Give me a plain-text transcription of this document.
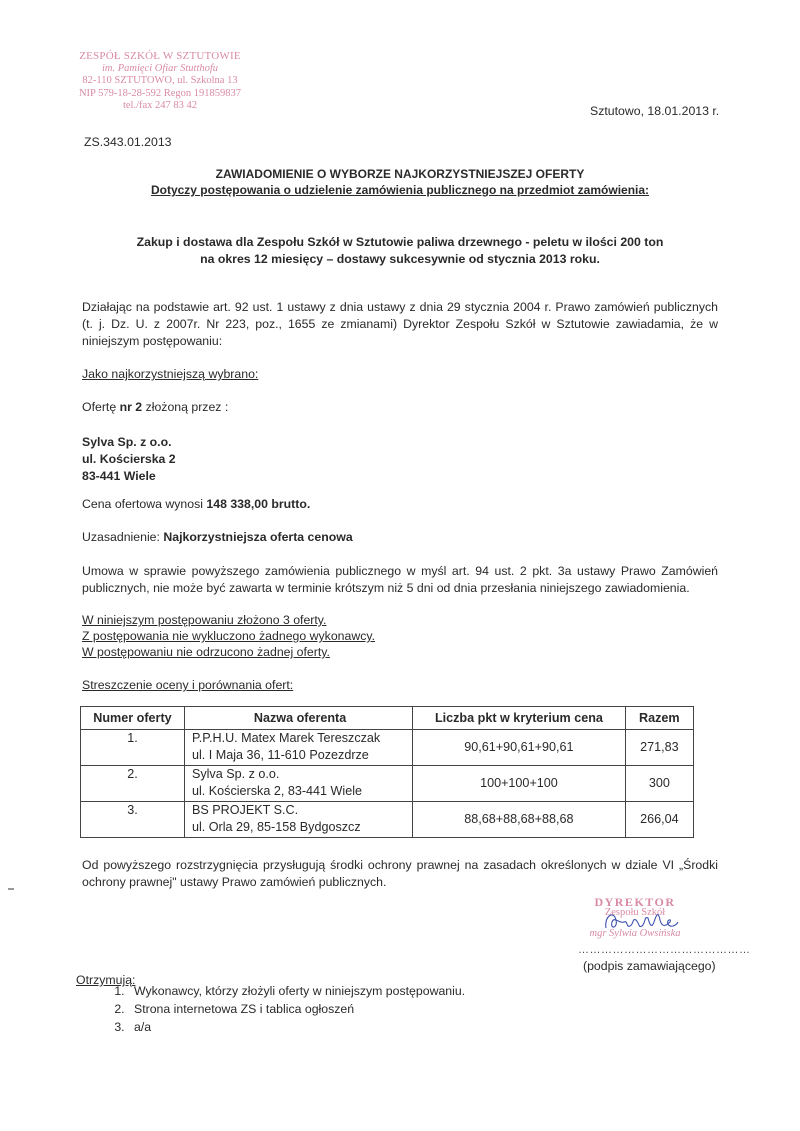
ZESPÓŁ SZKÓŁ W SZTUTOWIE
im. Pamięci Ofiar Stutthofu
82-110 SZTUTOWO, ul. Szkolna 13
NIP 579-18-28-592 Regon 191859837
tel./fax 247 83 42	Sztutowo, 18.01.2013 r.
ZS.343.01.2013
ZAWIADOMIENIE O WYBORZE NAJKORZYSTNIEJSZEJ OFERTY
Dotyczy postępowania o udzielenie zamówienia publicznego na przedmiot zamówienia:
Zakup i dostawa dla Zespołu Szkół w Sztutowie paliwa drzewnego - peletu w ilości 200 ton
na okres 12 miesięcy – dostawy sukcesywnie od stycznia 2013 roku.
Działając na podstawie art. 92 ust. 1 ustawy z dnia ustawy z dnia 29 stycznia 2004 r. Prawo zamówień publicznych (t. j. Dz. U. z 2007r. Nr 223, poz., 1655 ze zmianami) Dyrektor Zespołu Szkół w Sztutowie zawiadamia, że w niniejszym postępowaniu:
Jako najkorzystniejszą wybrano:
Ofertę nr 2 złożoną przez :
Sylva Sp. z o.o.
ul. Kościerska 2
83-441 Wiele
Cena ofertowa wynosi 148 338,00 brutto.
Uzasadnienie: Najkorzystniejsza oferta cenowa
Umowa w sprawie powyższego zamówienia publicznego w myśl art. 94 ust. 2 pkt. 3a ustawy Prawo Zamówień publicznych, nie może być zawarta w terminie krótszym niż 5 dni od dnia przesłania niniejszego zawiadomienia.
W niniejszym postępowaniu złożono 3 oferty.
Z postępowania nie wykluczono żadnego wykonawcy.
W postępowaniu nie odrzucono żadnej oferty.
Streszczenie oceny i porównania ofert:
Numer oferty	Nazwa oferenta	Liczba pkt w kryterium cena	Razem
1.	P.P.H.U. Matex Marek Tereszczak
ul. I Maja 36, 11-610 Pozezdrze	90,61+90,61+90,61	271,83
2.	Sylva Sp. z o.o.
ul. Kościerska 2, 83-441 Wiele	100+100+100	300
3.	BS PROJEKT S.C.
ul. Orla 29, 85-158 Bydgoszcz	88,68+88,68+88,68	266,04
Od powyższego rozstrzygnięcia przysługują środki ochrony prawnej na zasadach określonych w dziale VI „Środki ochrony prawnej" ustawy Prawo zamówień publicznych.
DYREKTOR
Zespołu Szkół
mgr Sylwia Owsińska
………………………………………
(podpis zamawiającego)
Otrzymują:
1. Wykonawcy, którzy złożyli oferty w niniejszym postępowaniu.
2. Strona internetowa ZS i tablica ogłoszeń
3. a/a
